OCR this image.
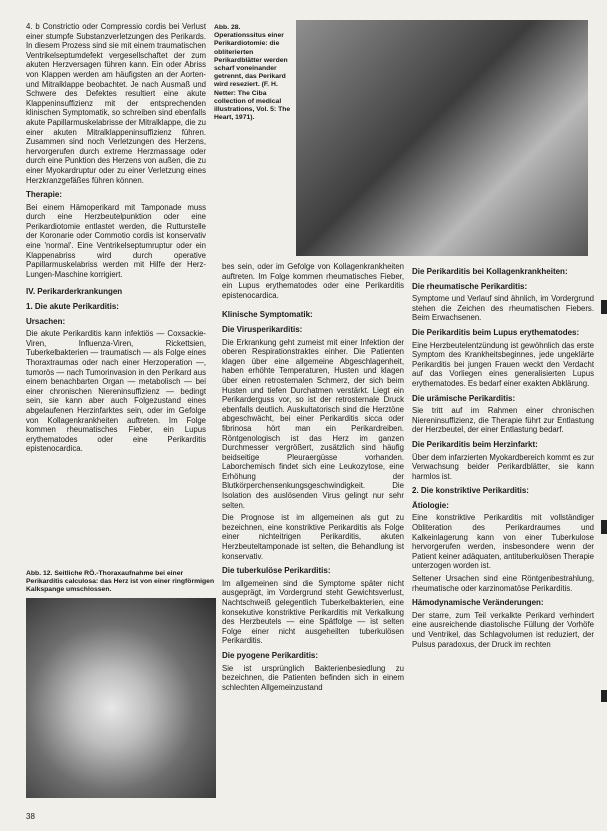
4. b Constrictio oder Compressio cordis bei Verlust einer stumpfe Substanzverletzungen des Perikards. In diesem Prozess sind sie mit einem traumatischen Ventrikelseptumdefekt vergesellschaftet der zum akuten Herzversagen führen kann. Ein oder Abriss von Klappen werden am häufigsten an der Aorten- und Mitralklappe beobachtet. Je nach Ausmaß und Schwere des Defektes resultiert eine akute Klappeninsuffizienz mit der entsprechenden klinischen Symptomatik, so schreiben sind ebenfalls akute Papillarmuskelabrisse der Mitralklappe, die zu einer akuten Mitralklappeninsuffizienz führen. Zusammen sind noch Verletzungen des Herzens, hervorgerufen durch extreme Herzmassage oder durch eine Punktion des Herzens von außen, die zu einer Myokardruptur oder zu einer Verletzung eines Herzkranzgefäßes führen können.

Therapie:

Bei einem Hämoperikard mit Tamponade muss durch eine Herzbeutelpunktion oder eine Perikardiotomie entlastet werden, die Rutturstelle der Koronarie oder Commotio cordis ist konservativ eine 'normal'. Eine Ventrikelseptumruptur oder ein Klappenabriss wird durch operative Papillarmuskelabriss werden mit Hilfe der Herz-Lungen-Maschine korrigiert.

IV. Perikarderkrankungen
1. Die akute Perikarditis:
Ursachen:

Die akute Perikarditis kann infektiös — Coxsackie-Viren, Influenza-Viren, Rickettsien, Tuberkelbakterien — traumatisch — als Folge eines Thoraxtraumas oder nach einer Herzoperation —, tumorös — nach Tumorinvasion in den Perikard aus einem benachbarten Organ — metabolisch — bei einer chronischen Niereninsuffizienz — bedingt sein, sie kann aber auch Folgezustand eines abgelaufenen Herzinfarktes sein, oder im Gefolge von Kollagenkrankheiten auftreten. Im Folge kommen rheumatisches Fieber, ein Lupus erythematodes oder eine Perikarditis epistenocardica.

Abb. 28. Operationssitus einer Perikardiotomie: die obliterierten Perikardblätter werden scharf voneinander getrennt, das Perikard wird reseziert. (F. H. Netter: The Ciba collection of medical illustrations, Vol. 5: The Heart, 1971).
Abb. 12. Seitliche RÖ.-Thoraxaufnahme bei einer Perikarditis calculosa: das Herz ist von einer ringförmigen Kalkspange umschlossen.

bes sein, oder im Gefolge von Kollagenkrankheiten auftreten. Im Folge kommen rheumatisches Fieber, ein Lupus erythematodes oder eine Perikarditis epistenocardica.

Klinische Symptomatik:
Die Virusperikarditis:

Die Erkrankung geht zumeist mit einer Infektion der oberen Respirationstraktes einher. Die Patienten klagen über eine allgemeine Abgeschlagenheit, haben erhöhte Temperaturen, Husten und klagen über einen retrosternalen Schmerz, der sich beim Husten und tiefen Durchatmen verstärkt. Liegt ein Perikarderguss vor, so ist der retrosternale Druck ebenfalls deutlich. Auskultatorisch sind die Herztöne abgeschwächt, bei einer Perikarditis sicca oder fibrinosa hört man ein Perikardreiben. Röntgenologisch ist das Herz im ganzen Durchmesser vergrößert, zusätzlich sind häufig beidseitige Pleuraergüsse vorhanden. Laborchemisch findet sich eine Leukozytose, eine Erhöhung der Blutkörperchensenkungsgeschwindigkeit. Die Isolation des auslösenden Virus gelingt nur sehr selten.

Die Prognose ist im allgemeinen als gut zu bezeichnen, eine konstriktive Perikarditis als Folge einer nichteitrigen Perikarditis, akuten Herzbeuteltamponade ist selten, die Behandlung ist konservativ.

Die tuberkulöse Perikarditis:

Im allgemeinen sind die Symptome später nicht ausgeprägt, im Vordergrund steht Gewichtsverlust, Nachtschweiß gelegentlich Tuberkelbakterien, eine konsekutive konstriktive Perikarditis mit Verkalkung des Herzbeutels — eine Spätfolge — ist selten Folge einer nicht ausgeheilten tuberkulösen Perikarditis.

Die pyogene Perikarditis:

Sie ist ursprünglich Bakterienbesiedlung zu bezeichnen, die Patienten befinden sich in einem schlechten Allgemeinzustand

Die Perikarditis bei Kollagenkrankheiten:
Die rheumatische Perikarditis:

Symptome und Verlauf sind ähnlich, im Vordergrund stehen die Zeichen des rheumatischen Fiebers. Beim Erwachsenen.

Die Perikarditis beim Lupus erythematodes:

Eine Herzbeutelentzündung ist gewöhnlich das erste Symptom des Krankheitsbeginnes, jede ungeklärte Perikarditis bei jungen Frauen weckt den Verdacht auf das Vorliegen eines generalisierten Lupus erythematodes. Es bedarf einer exakten Abklärung.

Die urämische Perikarditis:

Sie tritt auf im Rahmen einer chronischen Niereninsuffizienz, die Therapie führt zur Entlastung der Herzbeutel, der einer Entlastung bedarf.

Die Perikarditis beim Herzinfarkt:

Über dem infarzierten Myokardbereich kommt es zur Verwachsung beider Perikardblätter, sie kann harmlos ist.

2. Die konstriktive Perikarditis:
Ätiologie:

Eine konstriktive Perikarditis mit vollständiger Obliteration des Perikardraumes und Kalkeinlagerung kann von einer Tuberkulose hervorgerufen werden, insbesondere wenn der Patient keiner adäquaten, antituberkulösen Therapie unterzogen worden ist.

Seltener Ursachen sind eine Röntgenbestrahlung, rheumatische oder karzinomatöse Perikarditis.

Hämodynamische Veränderungen:

Der starre, zum Teil verkalkte Perikard verhindert eine ausreichende diastolische Füllung der Vorhöfe und Ventrikel, das Schlagvolumen ist reduziert, der Pulsus paradoxus, der Druck im rechten

38
